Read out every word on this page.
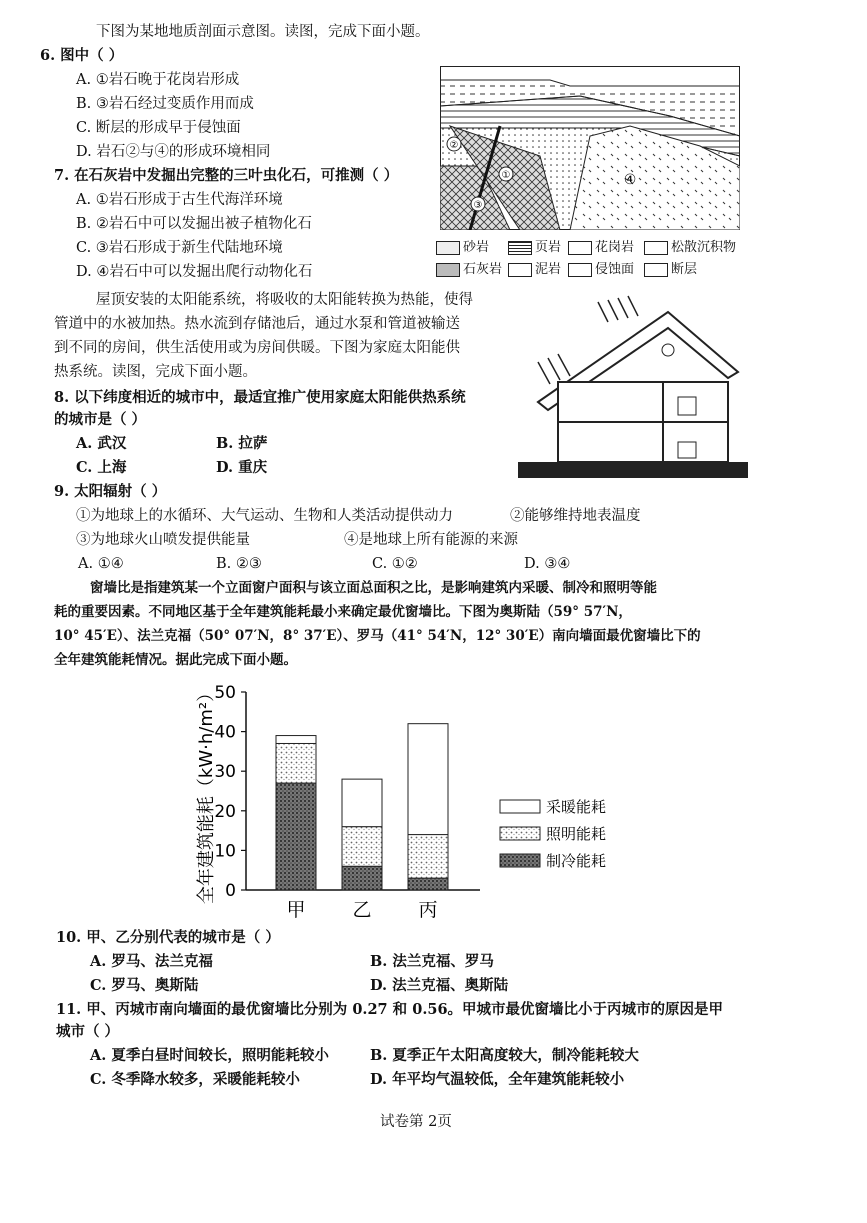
下图为某地地质剖面示意图。读图，完成下面小题。
6. 图中（ ）
A. ①岩石晚于花岗岩形成
B. ③岩石经过变质作用而成
C. 断层的形成早于侵蚀面
D. 岩石②与④的形成环境相同
7. 在石灰岩中发掘出完整的三叶虫化石，可推测（ ）
A. ①岩石形成于古生代海洋环境
B. ②岩石中可以发掘出被子植物化石
C. ③岩石形成于新生代陆地环境
D. ④岩石中可以发掘出爬行动物化石
②
①
③
④
砂岩	页岩	花岗岩	松散沉积物
石灰岩	泥岩	侵蚀面	断层
屋顶安装的太阳能系统，将吸收的太阳能转换为热能，使得
管道中的水被加热。热水流到存储池后，通过水泵和管道被输送
到不同的房间，供生活使用或为房间供暖。下图为家庭太阳能供
热系统。读图，完成下面小题。
8. 以下纬度相近的城市中，最适宜推广使用家庭太阳能供热系统
的城市是（ ）
A. 武汉	B. 拉萨
C. 上海	D. 重庆
9. 太阳辐射（ ）
①为地球上的水循环、大气运动、生物和人类活动提供动力	②能够维持地表温度
③为地球火山喷发提供能量	④是地球上所有能源的来源
A. ①④	B. ②③	C. ①②	D. ③④
窗墙比是指建筑某一个立面窗户面积与该立面总面积之比，是影响建筑内采暖、制冷和照明等能
耗的重要因素。不同地区基于全年建筑能耗最小来确定最优窗墙比。下图为奥斯陆（59° 57′N，
10° 45′E）、法兰克福（50° 07′N，8° 37′E）、罗马（41° 54′N，12° 30′E）南向墙面最优窗墙比下的
全年建筑能耗情况。据此完成下面小题。
全年建筑能耗（kW·h/m²） 0
10
20
30
40
50
甲 乙 丙
采暖能耗
照明能耗
制冷能耗
10. 甲、乙分别代表的城市是（ ）
A. 罗马、法兰克福	B. 法兰克福、罗马
C. 罗马、奥斯陆	D. 法兰克福、奥斯陆
11. 甲、丙城市南向墙面的最优窗墙比分别为 0.27 和 0.56。甲城市最优窗墙比小于丙城市的原因是甲
城市（ ）
A. 夏季白昼时间较长，照明能耗较小	B. 夏季正午太阳高度较大，制冷能耗较大
C. 冬季降水较多，采暖能耗较小	D. 年平均气温较低，全年建筑能耗较小
试卷第 2页
